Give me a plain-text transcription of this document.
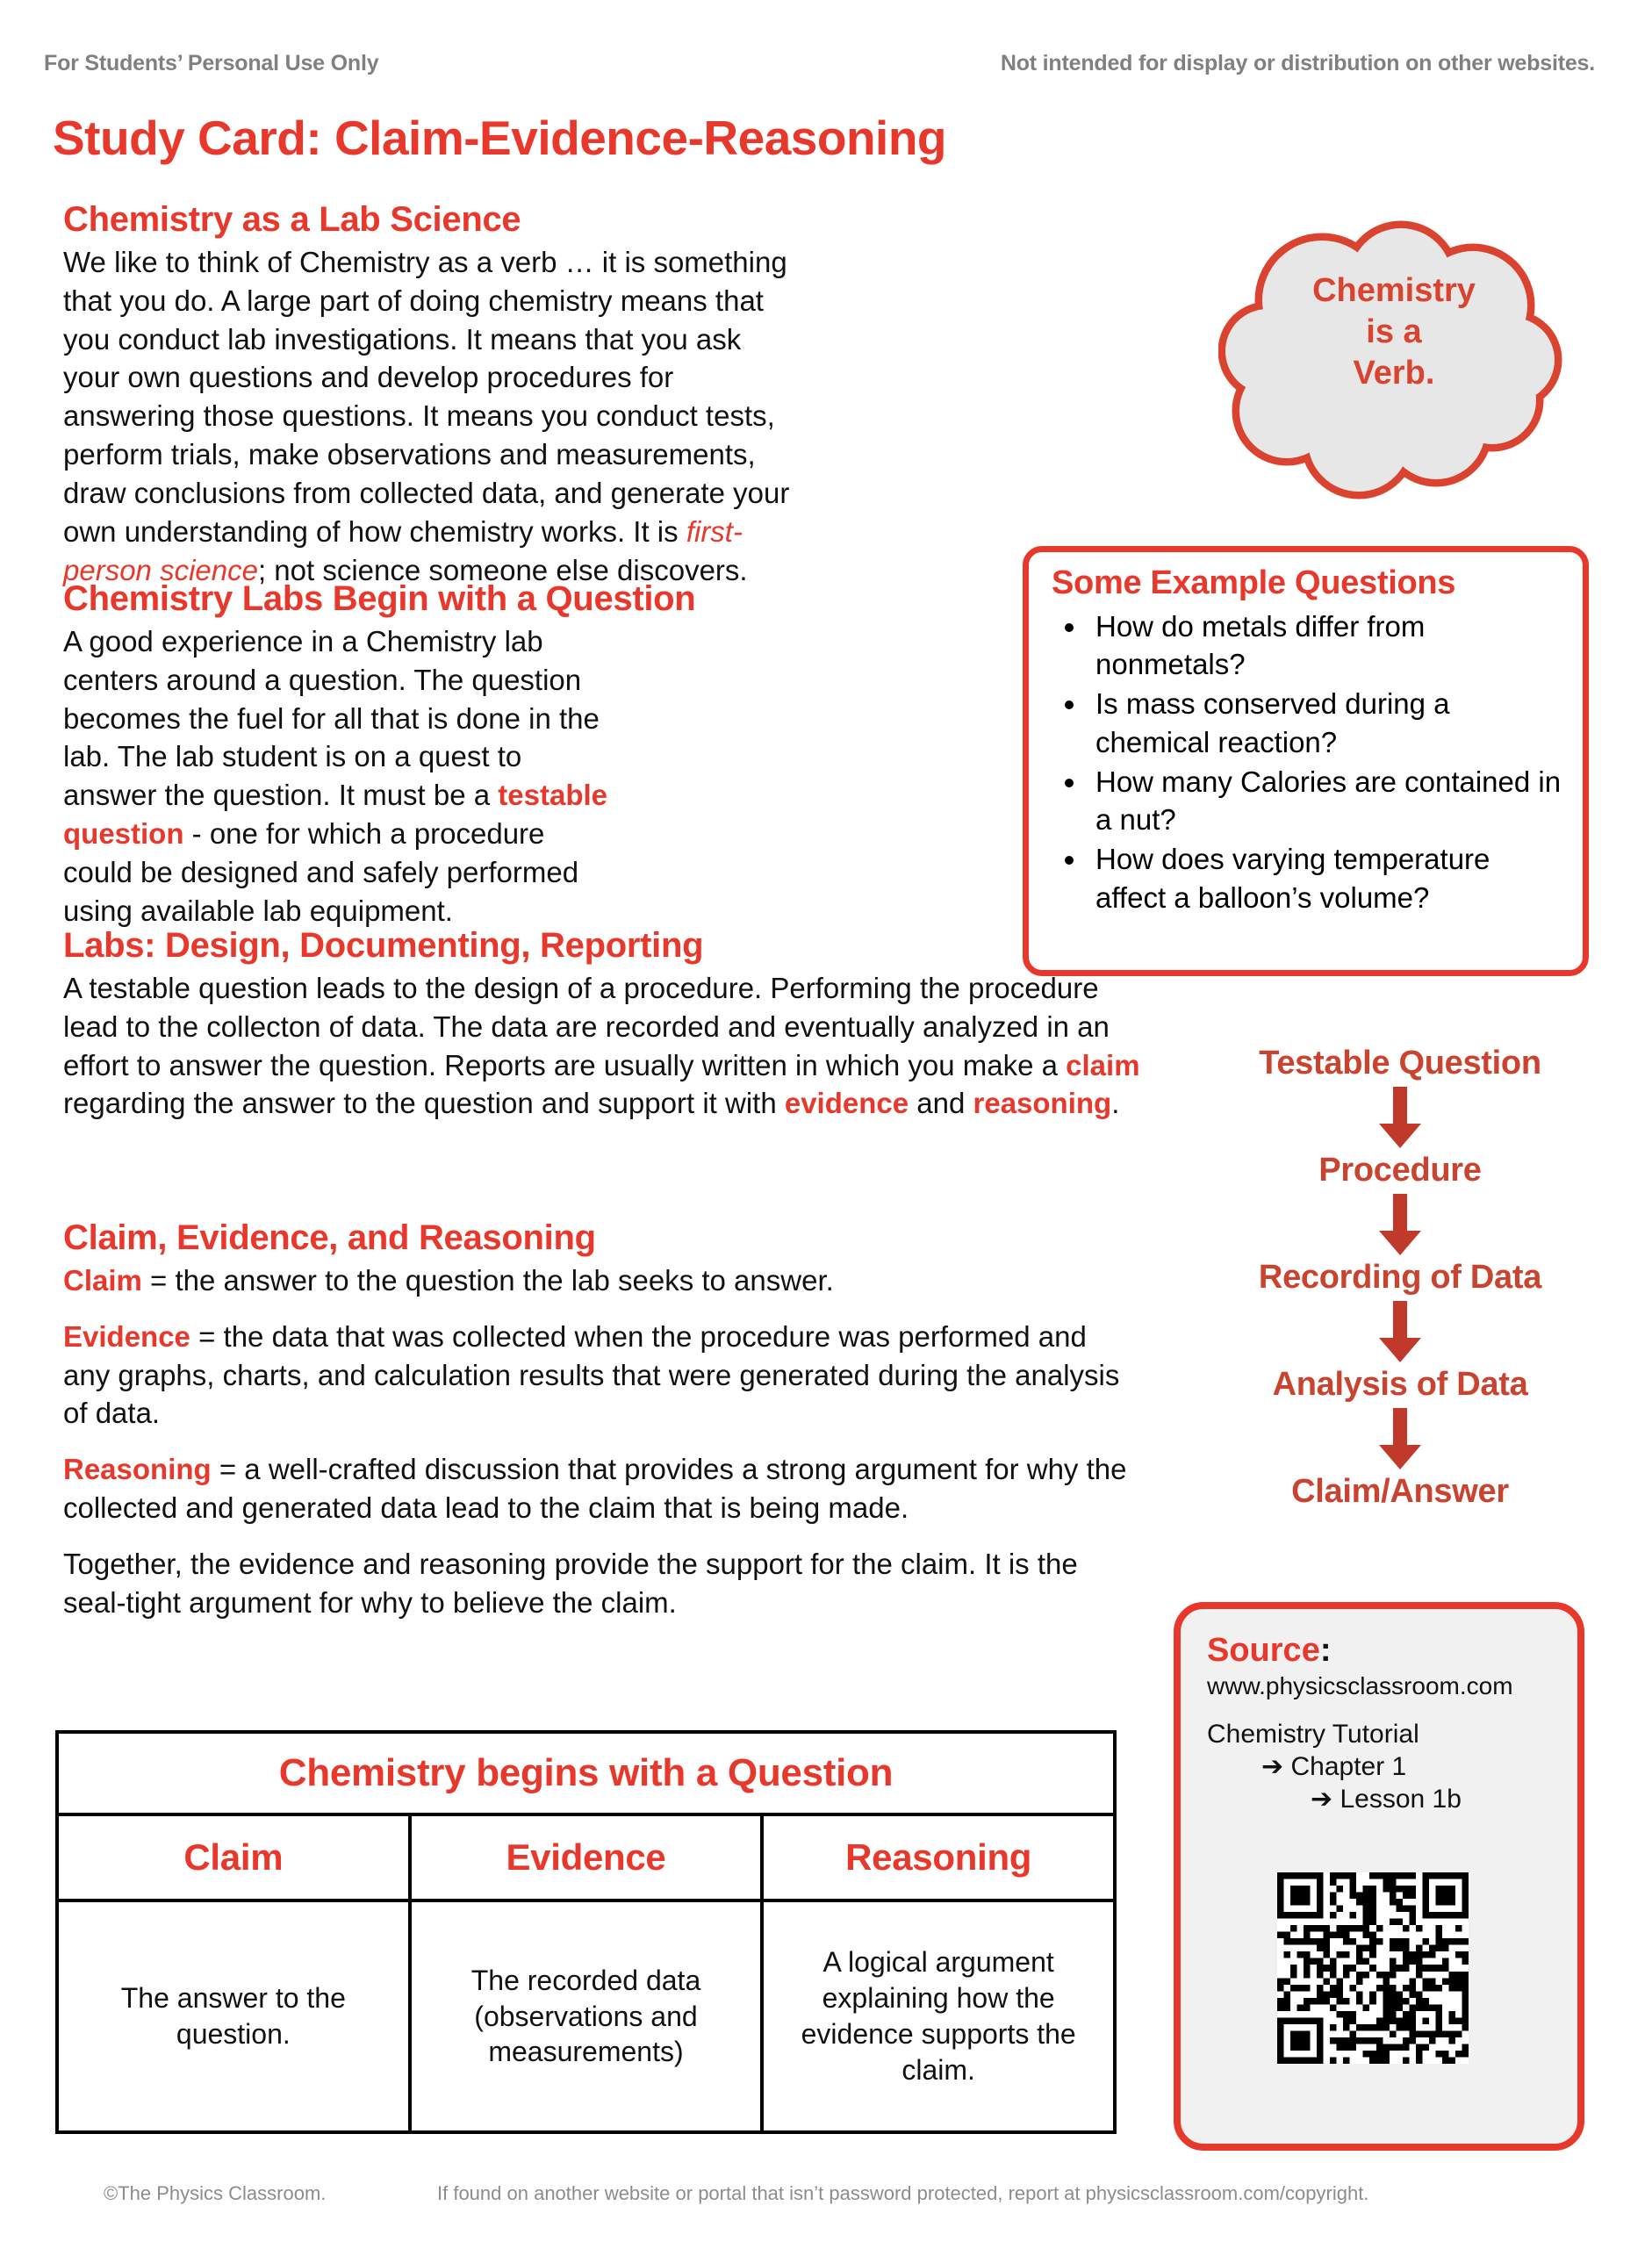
For Students’ Personal Use Only	Not intended for display or distribution on other websites.
Study Card: Claim-Evidence-Reasoning
Chemistry as a Lab Science

We like to think of Chemistry as a verb … it is something that you do. A large part of doing chemistry means that you conduct lab investigations. It means that you ask your own questions and develop procedures for answering those questions. It means you conduct tests, perform trials, make observations and measurements, draw conclusions from collected data, and generate your own understanding of how chemistry works. It is first-person science; not science someone else discovers.

Chemistry
is a
Verb.
Chemistry Labs Begin with a Question

A good experience in a Chemistry lab centers around a question. The question becomes the fuel for all that is done in the lab. The lab student is on a quest to answer the question. It must be a testable question - one for which a procedure could be designed and safely performed using available lab equipment.

Some Example Questions
• How do metals differ from nonmetals?
• Is mass conserved during a chemical reaction?
• How many Calories are contained in a nut?
• How does varying temperature affect a balloon’s volume?
Labs: Design, Documenting, Reporting

A testable question leads to the design of a procedure. Performing the procedure lead to the collecton of data. The data are recorded and eventually analyzed in an effort to answer the question. Reports are usually written in which you make a claim regarding the answer to the question and support it with evidence and reasoning.

Claim, Evidence, and Reasoning

Claim = the answer to the question the lab seeks to answer.

Evidence = the data that was collected when the procedure was performed and any graphs, charts, and calculation results that were generated during the analysis of data.

Reasoning = a well-crafted discussion that provides a strong argument for why the collected and generated data lead to the claim that is being made.

Together, the evidence and reasoning provide the support for the claim. It is the seal-tight argument for why to believe the claim.

Testable Question
Procedure
Recording of Data
Analysis of Data
Claim/Answer
Source:
www.physicsclassroom.com
Chemistry Tutorial
➔ Chapter 1
➔ Lesson 1b
Chemistry begins with a Question		
Claim	Evidence	Reasoning
The answer to the question.	The recorded data (observations and measurements)	A logical argument explaining how the evidence supports the claim.
©The Physics Classroom.	If found on another website or portal that isn’t password protected, report at physicsclassroom.com/copyright.
